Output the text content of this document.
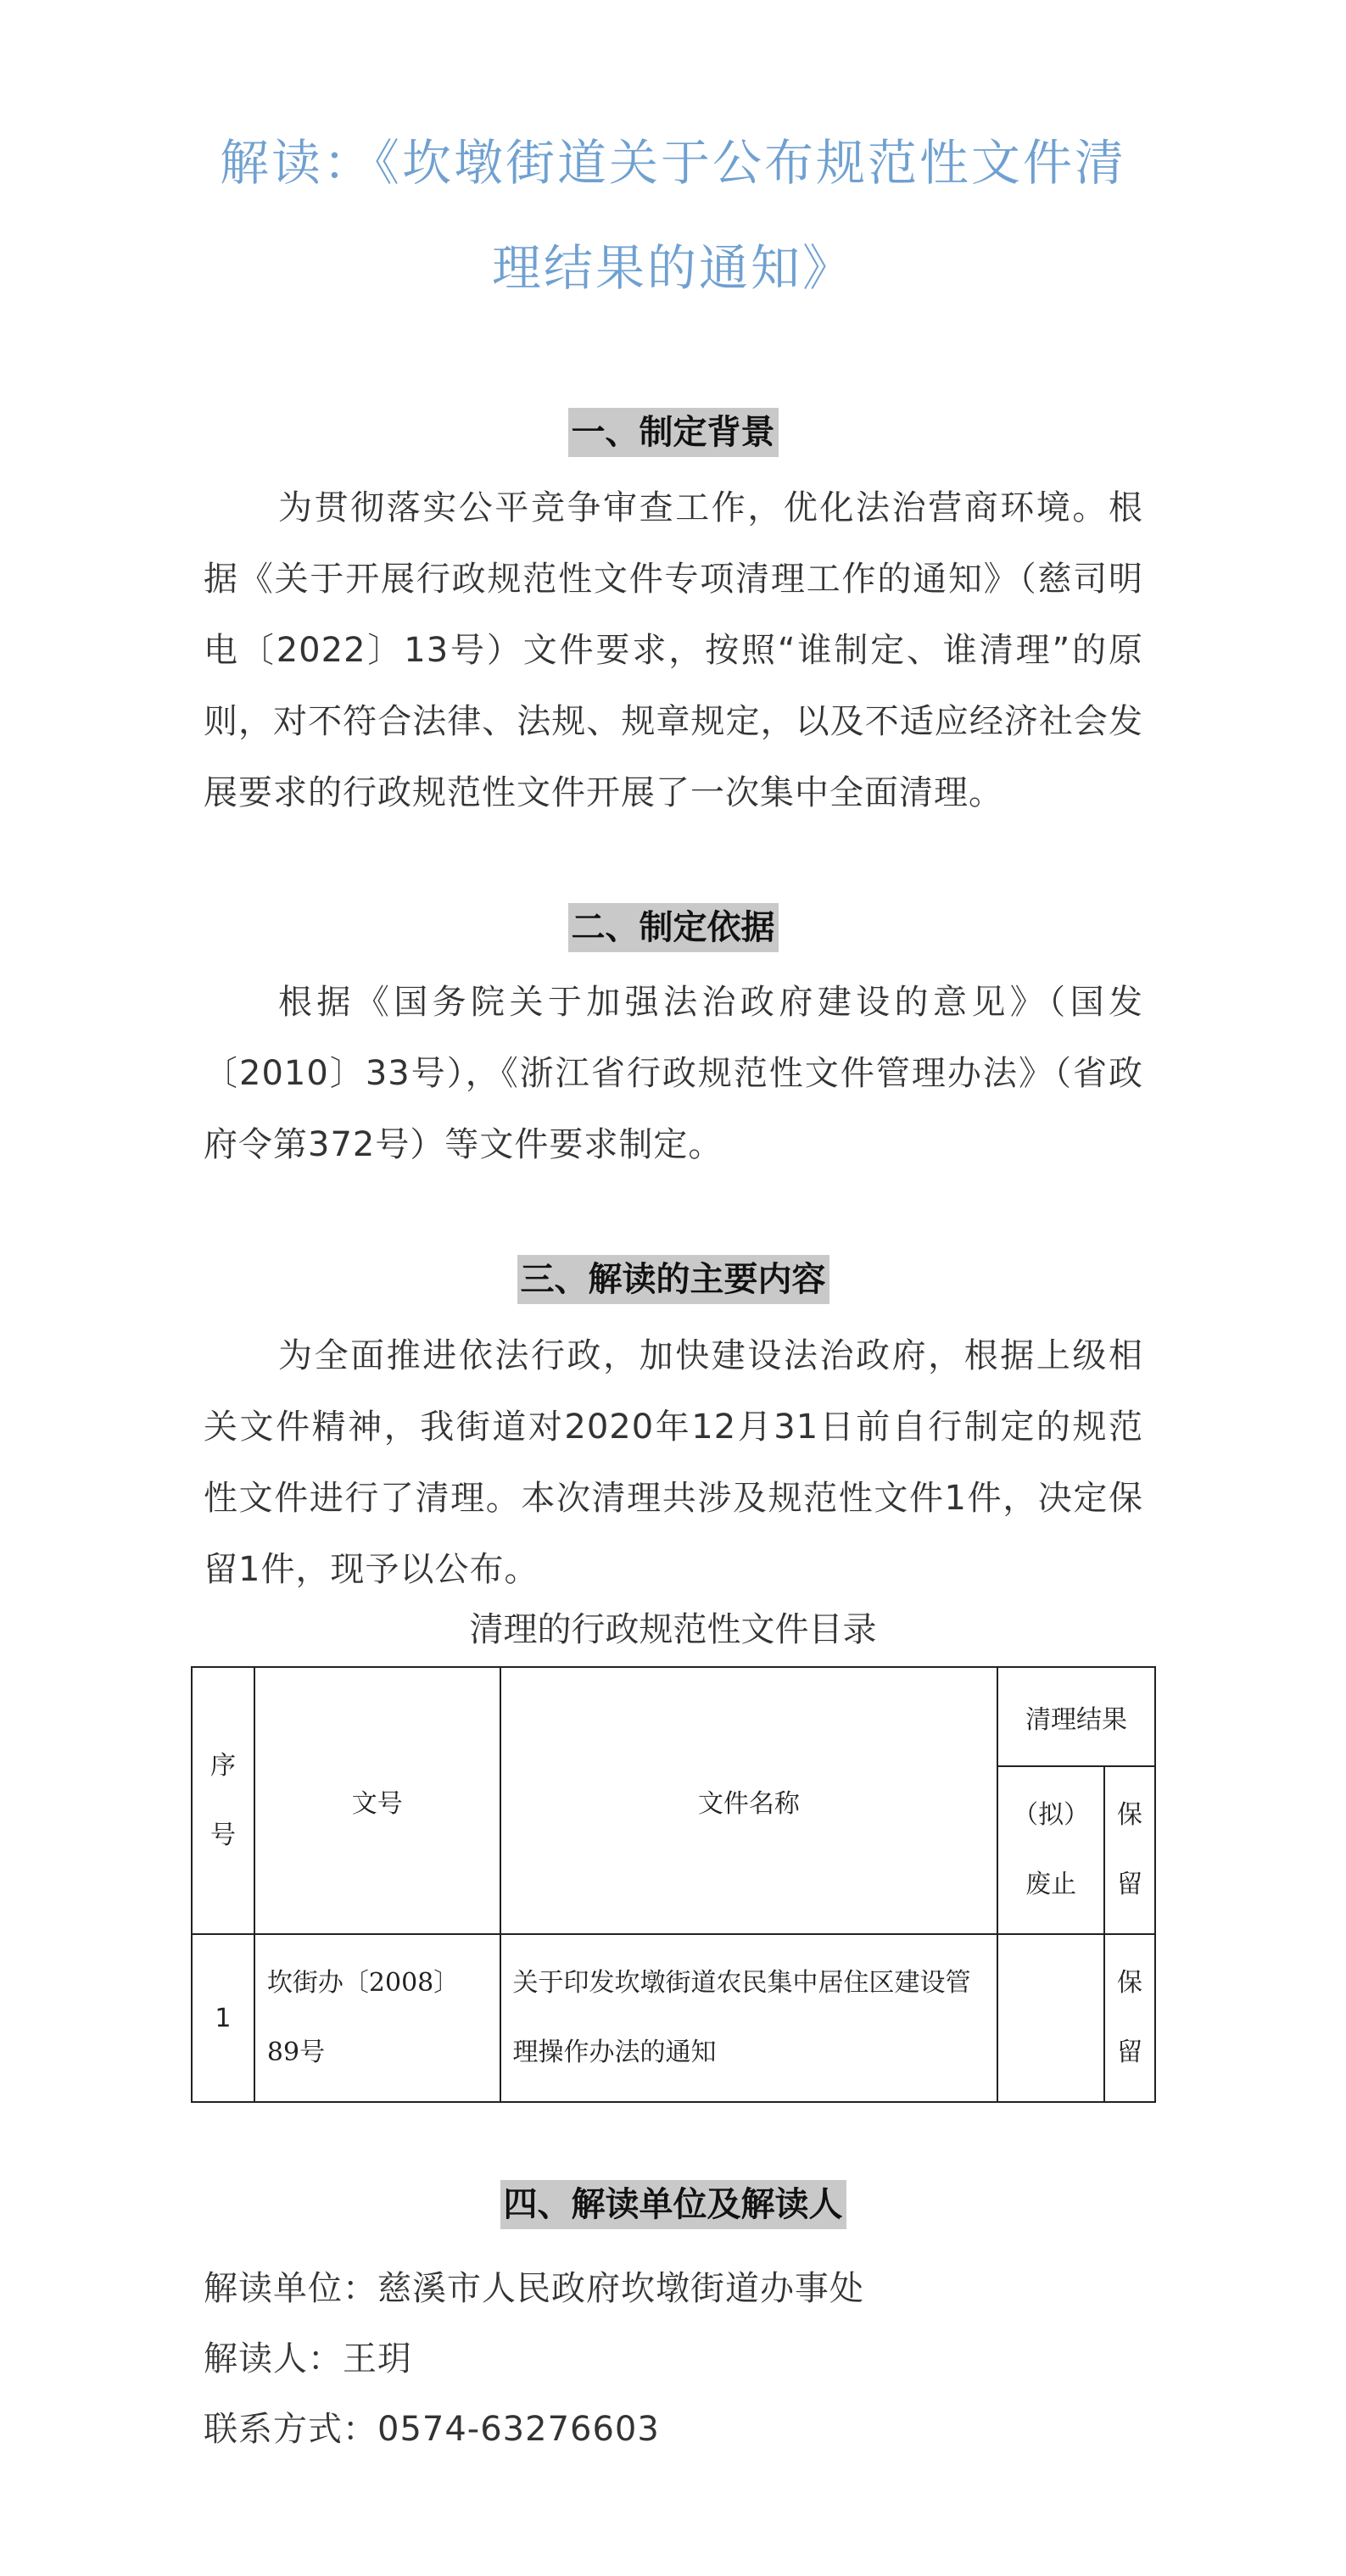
解读：《坎墩街道关于公布规范性文件清
理结果的通知》
一、制定背景

为贯彻落实公平竞争审查工作，优化法治营商环境。根据《关于开展行政规范性文件专项清理工作的通知》（慈司明电〔2022〕13号）文件要求，按照“谁制定、谁清理”的原则，对不符合法律、法规、规章规定，以及不适应经济社会发展要求的行政规范性文件开展了一次集中全面清理。

二、制定依据

根据《国务院关于加强法治政府建设的意见》（国发〔2010〕33号），《浙江省行政规范性文件管理办法》（省政府令第372号）等文件要求制定。

三、解读的主要内容

为全面推进依法行政，加快建设法治政府，根据上级相关文件精神，我街道对2020年12月31日前自行制定的规范性文件进行了清理。本次清理共涉及规范性文件1件，决定保留1件，现予以公布。

清理的行政规范性文件目录

序号	文号	文件名称	清理结果	

			（拟）废止	保留

1	坎街办〔2008〕89号	关于印发坎墩街道农民集中居住区建设管理操作办法的通知		保留
四、解读单位及解读人

解读单位：慈溪市人民政府坎墩街道办事处

解读人：王玥

联系方式：0574-63276603
